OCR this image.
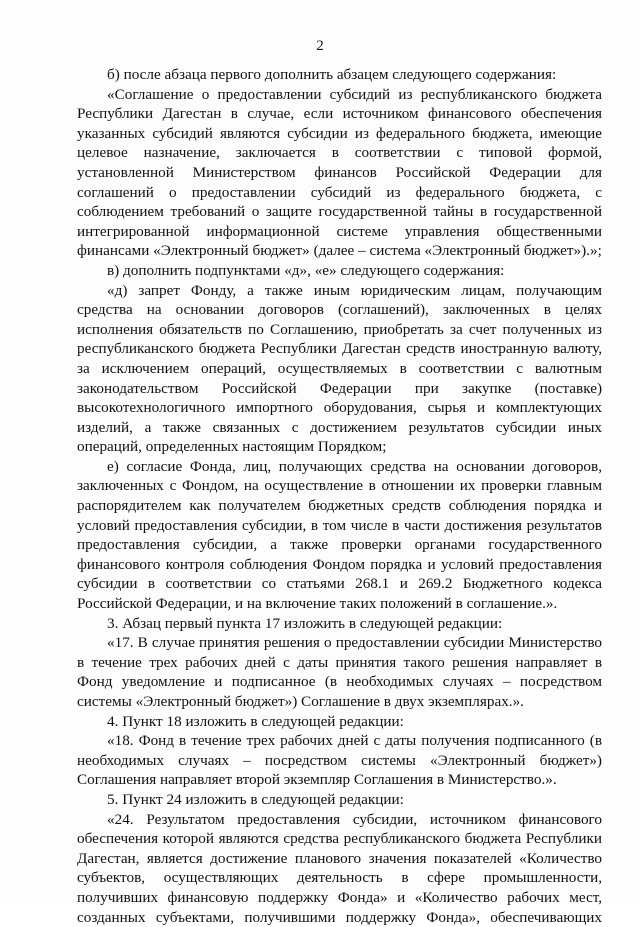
2

б) после абзаца первого дополнить абзацем следующего содержания:

«Соглашение о предоставлении субсидий из республиканского бюджета Республики Дагестан в случае, если источником финансового обеспечения указанных субсидий являются субсидии из федерального бюджета, имеющие целевое назначение, заключается в соответствии с типовой формой, установленной Министерством финансов Российской Федерации для соглашений о предоставлении субсидий из федерального бюджета, с соблюдением требований о защите государственной тайны в государственной интегрированной информационной системе управления общественными финансами «Электронный бюджет» (далее – система «Электронный бюджет»).»;

в) дополнить подпунктами «д», «е» следующего содержания:

«д) запрет Фонду, а также иным юридическим лицам, получающим средства на основании договоров (соглашений), заключенных в целях исполнения обязательств по Соглашению, приобретать за счет полученных из республиканского бюджета Республики Дагестан средств иностранную валюту, за исключением операций, осуществляемых в соответствии с валютным законодательством Российской Федерации при закупке (поставке) высокотехнологичного импортного оборудования, сырья и комплектующих изделий, а также связанных с достижением результатов субсидии иных операций, определенных настоящим Порядком;

е) согласие Фонда, лиц, получающих средства на основании договоров, заключенных с Фондом, на осуществление в отношении их проверки главным распорядителем как получателем бюджетных средств соблюдения порядка и условий предоставления субсидии, в том числе в части достижения результатов предоставления субсидии, а также проверки органами государственного финансового контроля соблюдения Фондом порядка и условий предоставления субсидии в соответствии со статьями 268.1 и 269.2 Бюджетного кодекса Российской Федерации, и на включение таких положений в соглашение.».

3. Абзац первый пункта 17 изложить в следующей редакции:

«17. В случае принятия решения о предоставлении субсидии Министерство в течение трех рабочих дней с даты принятия такого решения направляет в Фонд уведомление и подписанное (в необходимых случаях – посредством системы «Электронный бюджет») Соглашение в двух экземплярах.».

4. Пункт 18 изложить в следующей редакции:

«18. Фонд в течение трех рабочих дней с даты получения подписанного (в необходимых случаях – посредством системы «Электронный бюджет») Соглашения направляет второй экземпляр Соглашения в Министерство.».

5. Пункт 24 изложить в следующей редакции:

«24. Результатом предоставления субсидии, источником финансового обеспечения которой являются средства республиканского бюджета Республики Дагестан, является достижение планового значения показателей «Количество субъектов, осуществляющих деятельность в сфере промышленности, получивших финансовую поддержку Фонда» и «Количество рабочих мест, созданных субъектами, получившими поддержку Фонда», обеспечивающих
